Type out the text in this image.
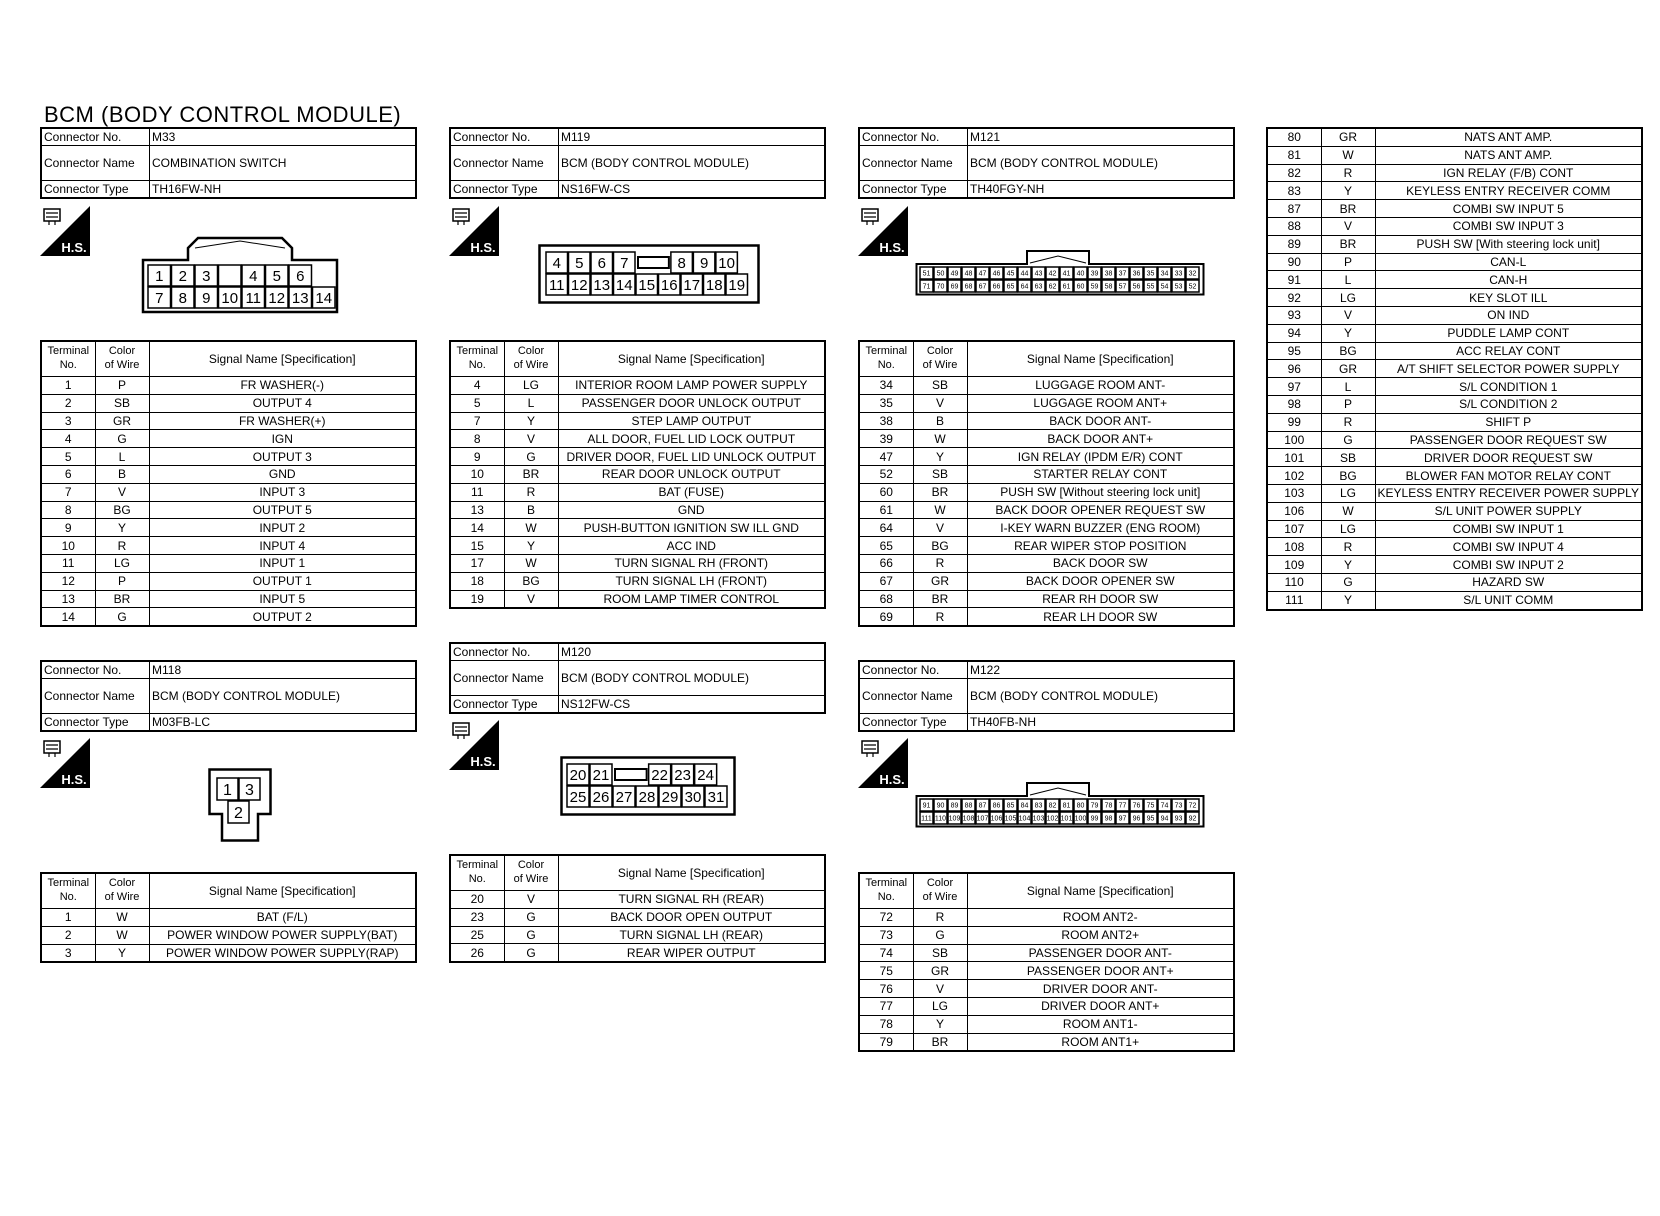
BCM (BODY CONTROL MODULE)
Connector No.	M33
Connector Name	COMBINATION SWITCH
Connector Type	TH16FW-NH
Connector No.	M119
Connector Name	BCM (BODY CONTROL MODULE)
Connector Type	NS16FW-CS
Connector No.	M121
Connector Name	BCM (BODY CONTROL MODULE)
Connector Type	TH40FGY-NH
Connector No.	M118
Connector Name	BCM (BODY CONTROL MODULE)
Connector Type	M03FB-LC
Connector No.	M120
Connector Name	BCM (BODY CONTROL MODULE)
Connector Type	NS12FW-CS
Connector No.	M122
Connector Name	BCM (BODY CONTROL MODULE)
Connector Type	TH40FB-NH
H.S.	H.S.	H.S.
H.S.
H.S.
H.S.
1 2 3	4 5 6
7 8 9 10 11 12 13 14
4 5 6 7	8 9 10
11 12 13 14 15 16 17 18 19
51 50 49 48 47 46 45 44 43 42 41 40 39 38 37 36 35 34 33 32
71 70 69 68 67 66 65 64 63 62 61 60 59 58 57 56 55 54 53 52
1 3
2
20 21	22 23 24
25 26 27 28 29 30 31
91 90 89 88 87 86 85 84 83 82 81 80 79 78 77 76 75 74 73 72
111 110 109 108 107 106 105 104 103 102 101 100 99 98 97 96 95 94 93 92
Terminal
No.	Color
of Wire	Signal Name [Specification]
1	P	FR WASHER(-)
2	SB	OUTPUT 4
3	GR	FR WASHER(+)
4	G	IGN
5	L	OUTPUT 3
6	B	GND
7	V	INPUT 3
8	BG	OUTPUT 5
9	Y	INPUT 2
10	R	INPUT 4
11	LG	INPUT 1
12	P	OUTPUT 1
13	BR	INPUT 5
14	G	OUTPUT 2
Terminal
No.	Color
of Wire	Signal Name [Specification]
4	LG	INTERIOR ROOM LAMP POWER SUPPLY
5	L	PASSENGER DOOR UNLOCK OUTPUT
7	Y	STEP LAMP OUTPUT
8	V	ALL DOOR, FUEL LID LOCK OUTPUT
9	G	DRIVER DOOR, FUEL LID UNLOCK OUTPUT
10	BR	REAR DOOR UNLOCK OUTPUT
11	R	BAT (FUSE)
13	B	GND
14	W	PUSH-BUTTON IGNITION SW ILL GND
15	Y	ACC IND
17	W	TURN SIGNAL RH (FRONT)
18	BG	TURN SIGNAL LH (FRONT)
19	V	ROOM LAMP TIMER CONTROL
Terminal
No.	Color
of Wire	Signal Name [Specification]
34	SB	LUGGAGE ROOM ANT-
35	V	LUGGAGE ROOM ANT+
38	B	BACK DOOR ANT-
39	W	BACK DOOR ANT+
47	Y	IGN RELAY (IPDM E/R) CONT
52	SB	STARTER RELAY CONT
60	BR	PUSH SW [Without steering lock unit]
61	W	BACK DOOR OPENER REQUEST SW
64	V	I-KEY WARN BUZZER (ENG ROOM)
65	BG	REAR WIPER STOP POSITION
66	R	BACK DOOR SW
67	GR	BACK DOOR OPENER SW
68	BR	REAR RH DOOR SW
69	R	REAR LH DOOR SW
80	GR	NATS ANT AMP.
81	W	NATS ANT AMP.
82	R	IGN RELAY (F/B) CONT
83	Y	KEYLESS ENTRY RECEIVER COMM
87	BR	COMBI SW INPUT 5
88	V	COMBI SW INPUT 3
89	BR	PUSH SW [With steering lock unit]
90	P	CAN-L
91	L	CAN-H
92	LG	KEY SLOT ILL
93	V	ON IND
94	Y	PUDDLE LAMP CONT
95	BG	ACC RELAY CONT
96	GR	A/T SHIFT SELECTOR POWER SUPPLY
97	L	S/L CONDITION 1
98	P	S/L CONDITION 2
99	R	SHIFT P
100	G	PASSENGER DOOR REQUEST SW
101	SB	DRIVER DOOR REQUEST SW
102	BG	BLOWER FAN MOTOR RELAY CONT
103	LG	KEYLESS ENTRY RECEIVER POWER SUPPLY
106	W	S/L UNIT POWER SUPPLY
107	LG	COMBI SW INPUT 1
108	R	COMBI SW INPUT 4
109	Y	COMBI SW INPUT 2
110	G	HAZARD SW
111	Y	S/L UNIT COMM
Terminal
No.	Color
of Wire	Signal Name [Specification]
1	W	BAT (F/L)
2	W	POWER WINDOW POWER SUPPLY(BAT)
3	Y	POWER WINDOW POWER SUPPLY(RAP)
Terminal
No.	Color
of Wire	Signal Name [Specification]
20	V	TURN SIGNAL RH (REAR)
23	G	BACK DOOR OPEN OUTPUT
25	G	TURN SIGNAL LH (REAR)
26	G	REAR WIPER OUTPUT
Terminal
No.	Color
of Wire	Signal Name [Specification]
72	R	ROOM ANT2-
73	G	ROOM ANT2+
74	SB	PASSENGER DOOR ANT-
75	GR	PASSENGER DOOR ANT+
76	V	DRIVER DOOR ANT-
77	LG	DRIVER DOOR ANT+
78	Y	ROOM ANT1-
79	BR	ROOM ANT1+
